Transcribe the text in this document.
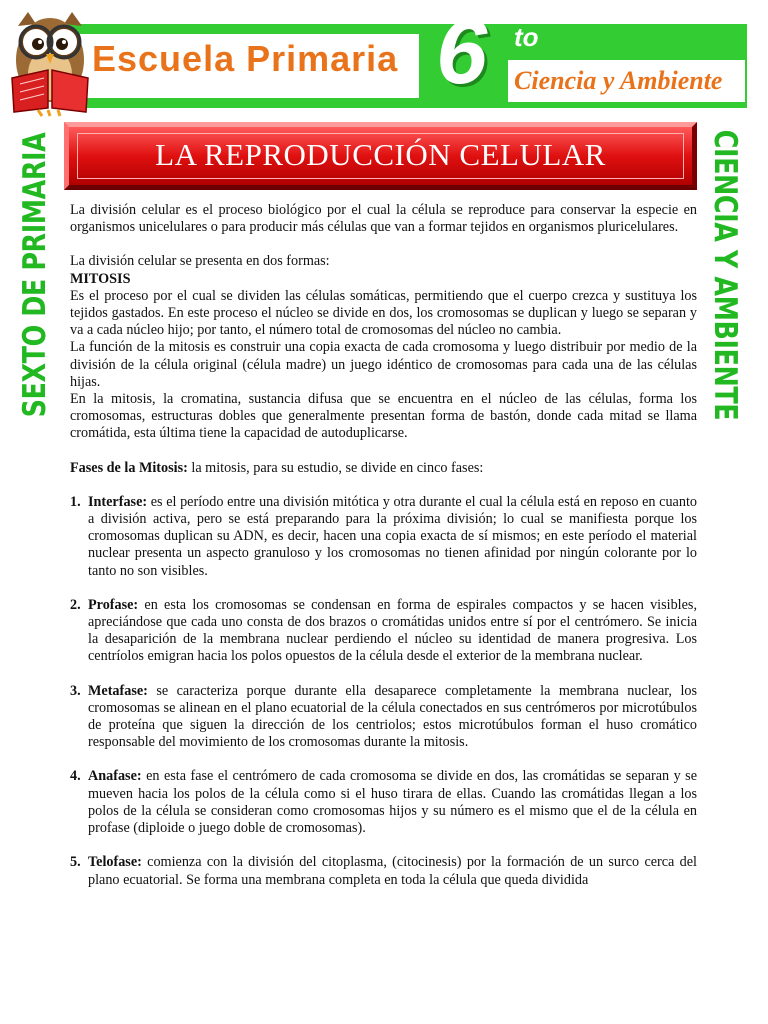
Escuela Primaria
Ciencia y Ambiente
6 to
SEXTO DE PRIMARIA	CIENCIA Y AMBIENTE
LA REPRODUCCIÓN CELULAR

La división celular es el proceso biológico por el cual la célula se reproduce para conservar la especie en organismos unicelulares o para producir más células que van a formar tejidos en organismos pluricelulares.

La división celular se presenta en dos formas:

MITOSIS

Es el proceso por el cual se dividen las células somáticas, permitiendo que el cuerpo crezca y sustituya los tejidos gastados. En este proceso el núcleo se divide en dos, los cromosomas se duplican y luego se separan y va a cada núcleo hijo; por tanto, el número total de cromosomas del núcleo no cambia.

La función de la mitosis es construir una copia exacta de cada cromosoma y luego distribuir por medio de la división de la célula original (célula madre) un juego idéntico de cromosomas para cada una de las células hijas.

En la mitosis, la cromatina, sustancia difusa que se encuentra en el núcleo de las células, forma los cromosomas, estructuras dobles que generalmente presentan forma de bastón, donde cada mitad se llama cromátida, esta última tiene la capacidad de autoduplicarse.

Fases de la Mitosis: la mitosis, para su estudio, se divide en cinco fases:

1. Interfase: es el período entre una división mitótica y otra durante el cual la célula está en reposo en cuanto a división activa, pero se está preparando para la próxima división; lo cual se manifiesta porque los cromosomas duplican su ADN, es decir, hacen una copia exacta de sí mismos; en este período el material nuclear presenta un aspecto granuloso y los cromosomas no tienen afinidad por ningún colorante por lo tanto no son visibles.
2. Profase: en esta los cromosomas se condensan en forma de espirales compactos y se hacen visibles, apreciándose que cada uno consta de dos brazos o cromátidas unidos entre sí por el centrómero. Se inicia la desaparición de la membrana nuclear perdiendo el núcleo su identidad de manera progresiva. Los centríolos emigran hacia los polos opuestos de la célula desde el exterior de la membrana nuclear.
3. Metafase: se caracteriza porque durante ella desaparece completamente la membrana nuclear, los cromosomas se alinean en el plano ecuatorial de la célula conectados en sus centrómeros por microtúbulos de proteína que siguen la dirección de los centriolos; estos microtúbulos forman el huso cromático responsable del movimiento de los cromosomas durante la mitosis.
4. Anafase: en esta fase el centrómero de cada cromosoma se divide en dos, las cromátidas se separan y se mueven hacia los polos de la célula como si el huso tirara de ellas. Cuando las cromátidas llegan a los polos de la célula se consideran como cromosomas hijos y su número es el mismo que el de la célula en profase (diploide o juego doble de cromosomas).
5. Telofase: comienza con la división del citoplasma, (citocinesis) por la formación de un surco cerca del plano ecuatorial. Se forma una membrana completa en toda la célula que queda dividida
